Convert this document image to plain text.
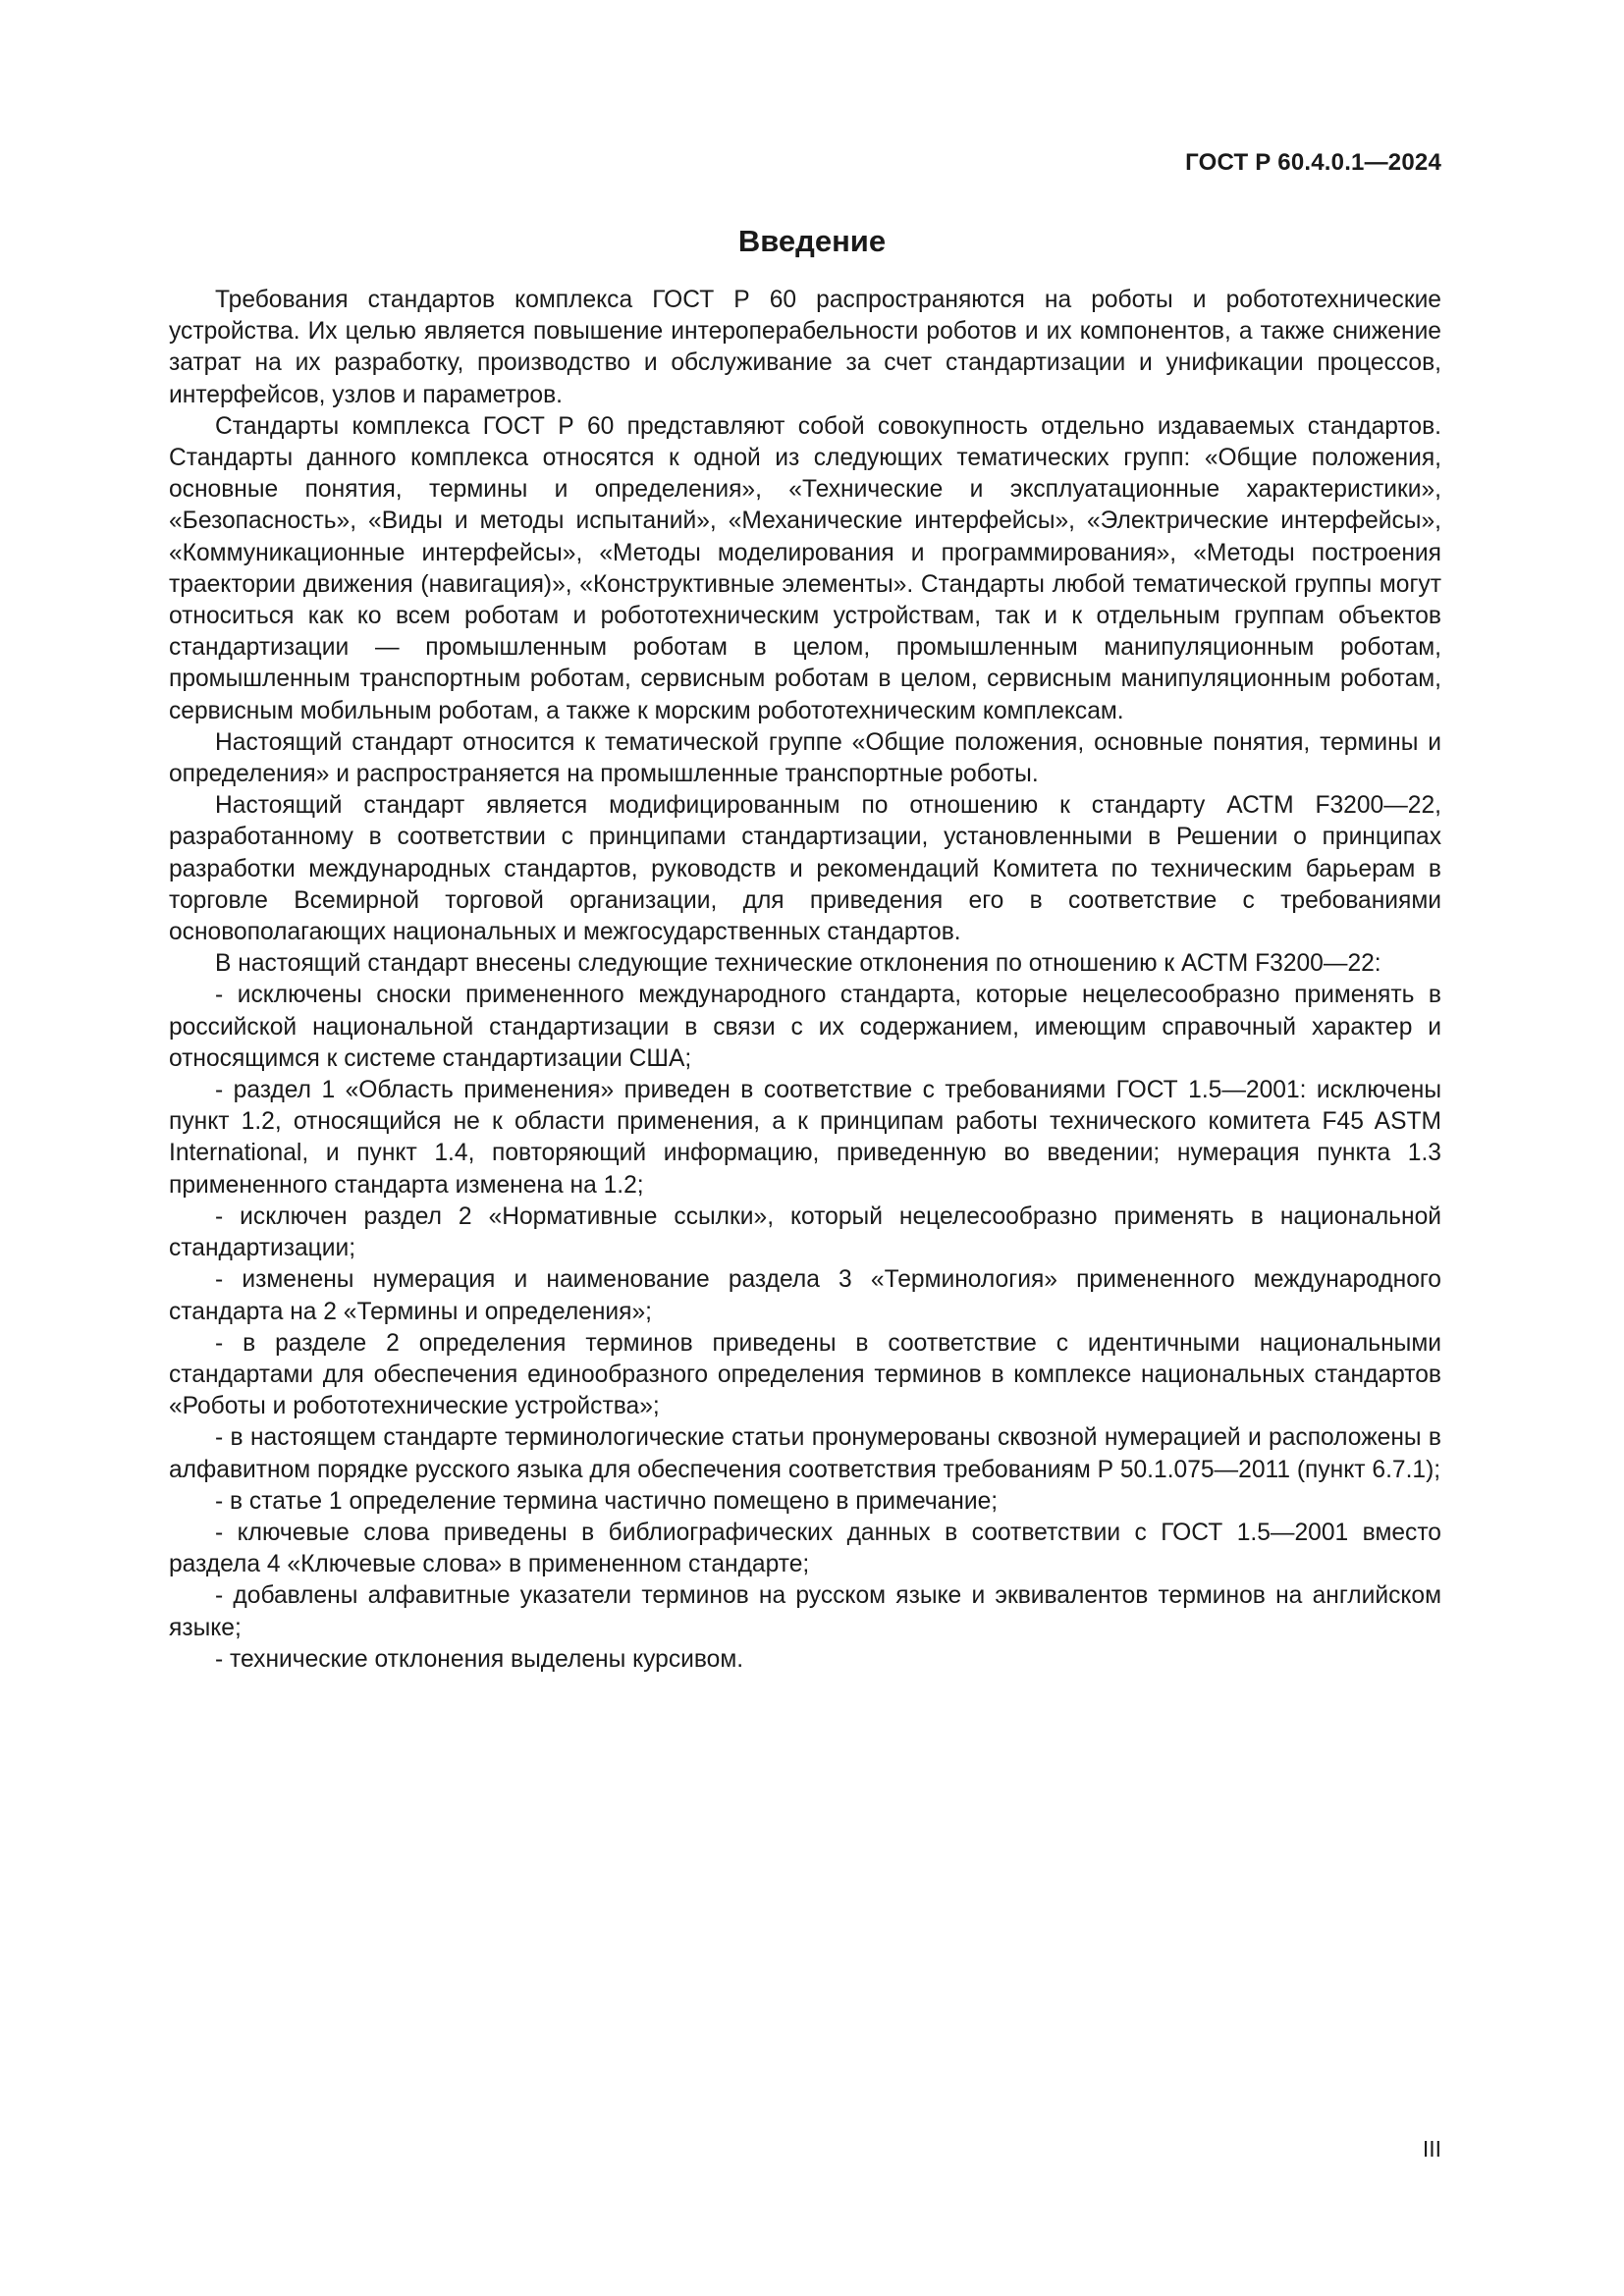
ГОСТ Р 60.4.0.1—2024

Введение

Требования стандартов комплекса ГОСТ Р 60 распространяются на роботы и робототехнические устройства. Их целью является повышение интероперабельности роботов и их компонентов, а также снижение затрат на их разработку, производство и обслуживание за счет стандартизации и унификации процессов, интерфейсов, узлов и параметров.

Стандарты комплекса ГОСТ Р 60 представляют собой совокупность отдельно издаваемых стандартов. Стандарты данного комплекса относятся к одной из следующих тематических групп: «Общие положения, основные понятия, термины и определения», «Технические и эксплуатационные характеристики», «Безопасность», «Виды и методы испытаний», «Механические интерфейсы», «Электрические интерфейсы», «Коммуникационные интерфейсы», «Методы моделирования и программирования», «Методы построения траектории движения (навигация)», «Конструктивные элементы». Стандарты любой тематической группы могут относиться как ко всем роботам и робототехническим устройствам, так и к отдельным группам объектов стандартизации — промышленным роботам в целом, промышленным манипуляционным роботам, промышленным транспортным роботам, сервисным роботам в целом, сервисным манипуляционным роботам, сервисным мобильным роботам, а также к морским робототехническим комплексам.

Настоящий стандарт относится к тематической группе «Общие положения, основные понятия, термины и определения» и распространяется на промышленные транспортные роботы.

Настоящий стандарт является модифицированным по отношению к стандарту АСТМ F3200—22, разработанному в соответствии с принципами стандартизации, установленными в Решении о принципах разработки международных стандартов, руководств и рекомендаций Комитета по техническим барьерам в торговле Всемирной торговой организации, для приведения его в соответствие с требованиями основополагающих национальных и межгосударственных стандартов.

В настоящий стандарт внесены следующие технические отклонения по отношению к АСТМ F3200—22:

- исключены сноски примененного международного стандарта, которые нецелесообразно применять в российской национальной стандартизации в связи с их содержанием, имеющим справочный характер и относящимся к системе стандартизации США;

- раздел 1 «Область применения» приведен в соответствие с требованиями ГОСТ 1.5—2001: исключены пункт 1.2, относящийся не к области применения, а к принципам работы технического комитета F45 ASTM International, и пункт 1.4, повторяющий информацию, приведенную во введении; нумерация пункта 1.3 примененного стандарта изменена на 1.2;

- исключен раздел 2 «Нормативные ссылки», который нецелесообразно применять в национальной стандартизации;

- изменены нумерация и наименование раздела 3 «Терминология» примененного международного стандарта на 2 «Термины и определения»;

- в разделе 2 определения терминов приведены в соответствие с идентичными национальными стандартами для обеспечения единообразного определения терминов в комплексе национальных стандартов «Роботы и робототехнические устройства»;

- в настоящем стандарте терминологические статьи пронумерованы сквозной нумерацией и расположены в алфавитном порядке русского языка для обеспечения соответствия требованиям Р 50.1.075—2011 (пункт 6.7.1);

- в статье 1 определение термина частично помещено в примечание;

- ключевые слова приведены в библиографических данных в соответствии с ГОСТ 1.5—2001 вместо раздела 4 «Ключевые слова» в примененном стандарте;

- добавлены алфавитные указатели терминов на русском языке и эквивалентов терминов на английском языке;

- технические отклонения выделены курсивом.

III
